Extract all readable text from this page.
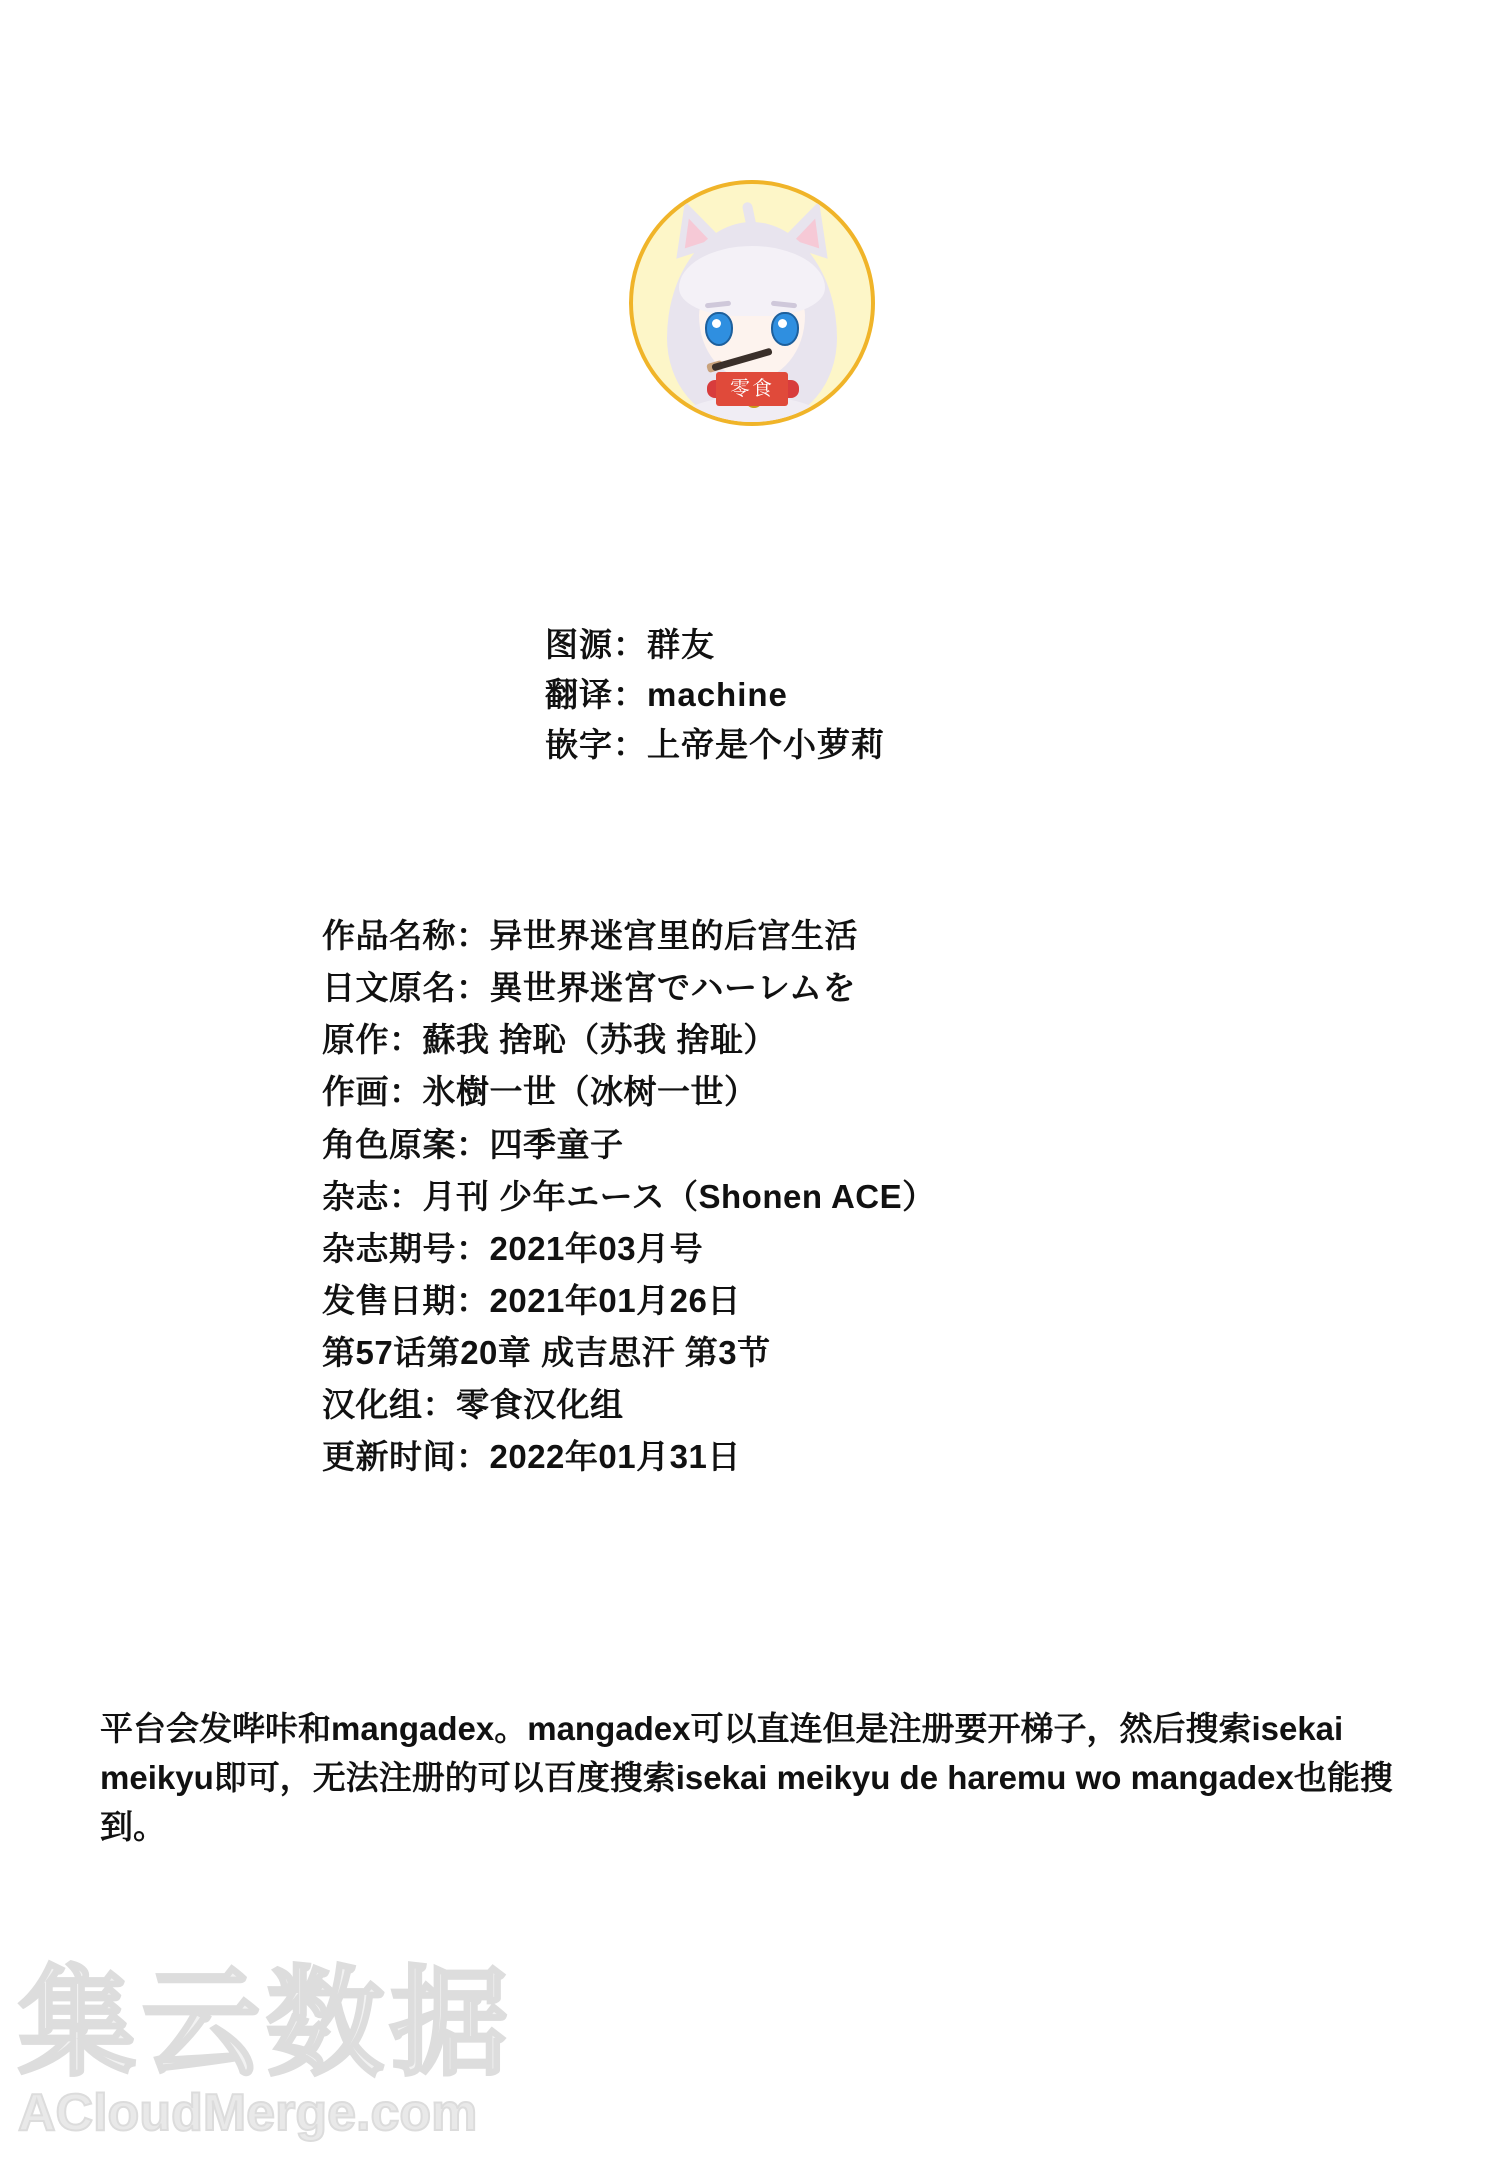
零食
图源：群友
翻译：machine
嵌字：上帝是个小萝莉
作品名称：异世界迷宫里的后宫生活
日文原名：異世界迷宮でハーレムを
原作：蘇我 捨恥（苏我 捨耻）
作画：氷樹一世（冰树一世）
角色原案：四季童子
杂志：月刊 少年エース（Shonen ACE）
杂志期号：2021年03月号
发售日期：2021年01月26日
第57话第20章 成吉思汗 第3节
汉化组：零食汉化组
更新时间：2022年01月31日
平台会发哔咔和mangadex。mangadex可以直连但是注册要开梯子，然后搜索isekai meikyu即可，无法注册的可以百度搜索isekai meikyu de haremu wo mangadex也能搜到。
集云数据
ACloudMerge.com
